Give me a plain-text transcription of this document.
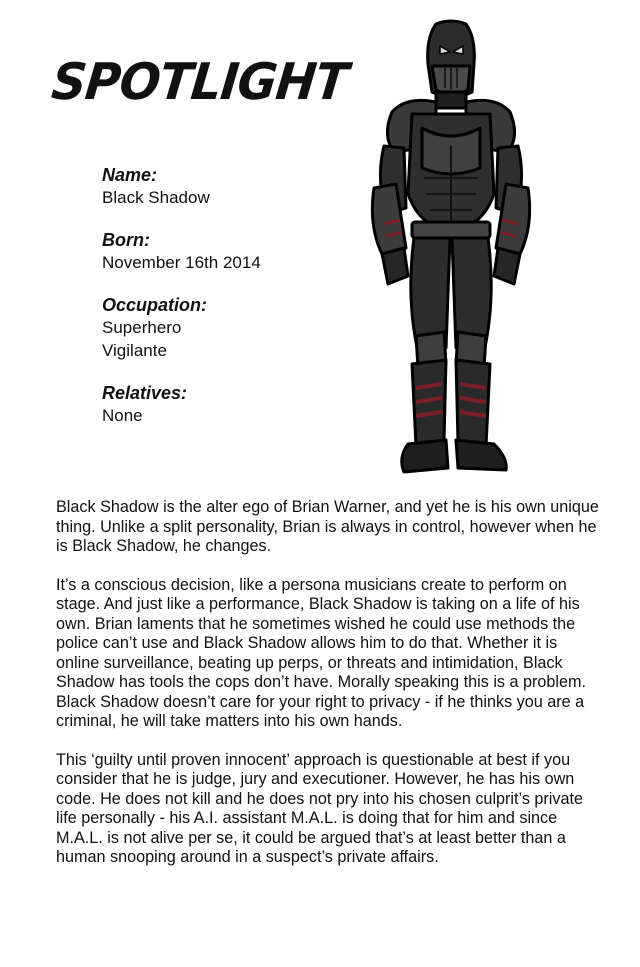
SPOTLIGHT
Name:
Black Shadow
Born:
November 16th 2014
Occupation:
Superhero
Vigilante
Relatives:
None

Black Shadow is the alter ego of Brian Warner, and yet he is his own unique thing. Unlike a split personality, Brian is always in control, however when he is Black Shadow, he changes.

It’s a conscious decision, like a persona musicians create to perform on stage. And just like a performance, Black Shadow is taking on a life of his own. Brian laments that he sometimes wished he could use methods the police can’t use and Black Shadow allows him to do that. Whether it is online surveillance, beating up perps, or threats and intimidation, Black Shadow has tools the cops don’t have. Morally speaking this is a problem. Black Shadow doesn’t care for your right to privacy - if he thinks you are a criminal, he will take matters into his own hands.

This ‘guilty until proven innocent’ approach is questionable at best if you consider that he is judge, jury and executioner. However, he has his own code. He does not kill and he does not pry into his chosen culprit’s private life personally - his A.I. assistant M.A.L. is doing that for him and since M.A.L. is not alive per se, it could be argued that’s at least better than a human snooping around in a suspect’s private affairs.
